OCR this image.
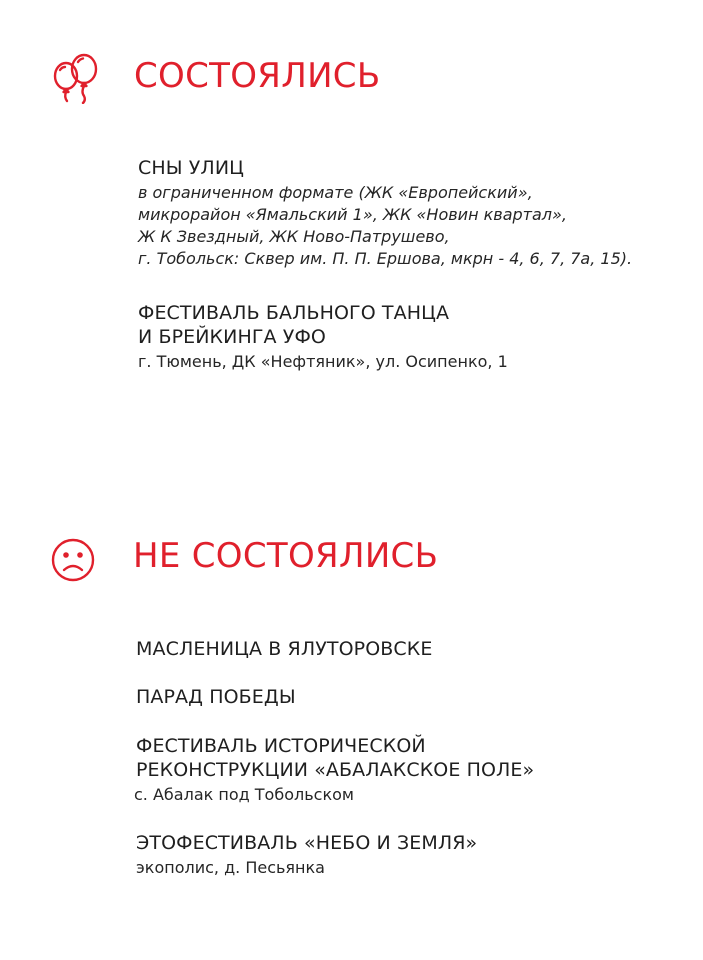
СОСТОЯЛИСЬ

СНЫ УЛИЦ

в ограниченном формате (ЖК «Европейский»,
микрорайон «Ямальский 1», ЖК «Новин квартал»,
Ж К Звездный, ЖК Ново-Патрушево,
г. Тобольск: Сквер им. П. П. Ершова, мкрн - 4, 6, 7, 7а, 15).

ФЕСТИВАЛЬ БАЛЬНОГО ТАНЦА
И БРЕЙКИНГА УФО

г. Тюмень, ДК «Нефтяник», ул. Осипенко, 1

НЕ СОСТОЯЛИСЬ

МАСЛЕНИЦА В ЯЛУТОРОВСКЕ

ПАРАД ПОБЕДЫ

ФЕСТИВАЛЬ ИСТОРИЧЕСКОЙ
РЕКОНСТРУКЦИИ «АБАЛАКСКОЕ ПОЛЕ»

с. Абалак под Тобольском

ЭТОФЕСТИВАЛЬ «НЕБО И ЗЕМЛЯ»

экополис, д. Песьянка
